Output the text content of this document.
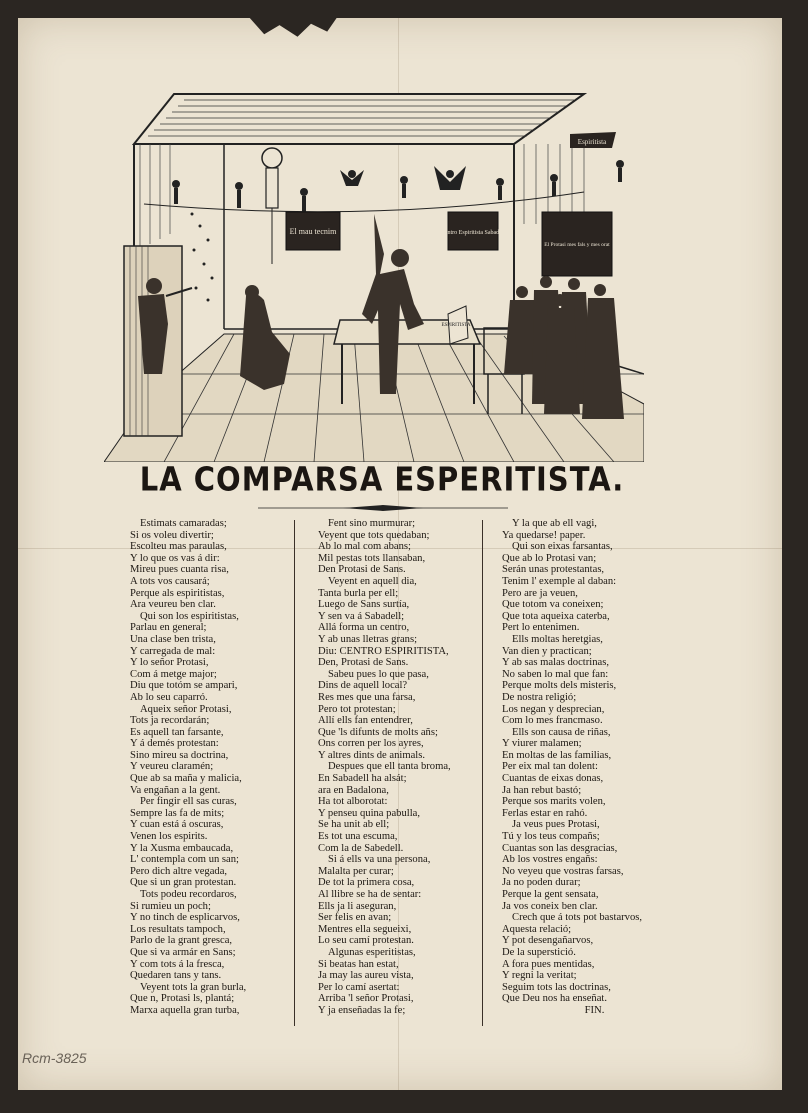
El mau tecnim	Centro Espiritista Sabadell
El Protasi mes fals y mes orat
Espiritista
ESPIRITISTA
LA COMPARSA ESPERITISTA.
Estimats camaradas;
Si os voleu divertir;
Escolteu mas paraulas,
Y lo que os vas á dir:
Mireu pues cuanta risa,
A tots vos causará;
Perque als espiritistas,
Ara veureu ben clar.
Qui son los espiritistas,
Parlau en general;
Una clase ben trista,
Y carregada de mal:
Y lo señor Protasi,
Com á metge major;
Diu que totóm se ampari,
Ab lo seu caparró.
Aqueix señor Protasi,
Tots ja recordarán;
Es aquell tan farsante,
Y á demés protestan:
Sino mireu sa doctrina,
Y veureu claramén;
Que ab sa maña y malicia,
Va engañan a la gent.
Per fingir ell sas curas,
Sempre las fa de mits;
Y cuan está á oscuras,
Venen los espirits.
Y la Xusma embaucada,
L' contempla com un san;
Pero dich altre vegada,
Que si un gran protestan.
Tots podeu recordaros,
Si rumieu un poch;
Y no tinch de esplicarvos,
Los resultats tampoch,
Parlo de la grant gresca,
Que si va armár en Sans;
Y com tots á la fresca,
Quedaren tans y tans.
Veyent tots la gran burla,
Que n, Protasi ls, plantá;
Marxa aquella gran turba,
Fent sino murmurar;
Veyent que tots quedaban;
Ab lo mal com abans;
Mil pestas tots llansaban,
Den Protasi de Sans.
Veyent en aquell dia,
Tanta burla per ell;
Luego de Sans surtía,
Y sen va á Sabadell;
Allá forma un centro,
Y ab unas lletras grans;
Diu: CENTRO ESPIRITISTA,
Den, Protasi de Sans.
Sabeu pues lo que pasa,
Dins de aquell local?
Res mes que una farsa,
Pero tot protestan;
Allí ells fan entendrer,
Que 'ls difunts de molts añs;
Ons corren per los ayres,
Y altres dints de animals.
Despues que ell tanta broma,
En Sabadell ha alsát;
ara en Badalona,
Ha tot alborotat:
Y penseu quina pabulla,
Se ha unit ab ell;
Es tot una escuma,
Com la de Sabedell.
Si á ells va una persona,
Malalta per curar;
De tot la primera cosa,
Al llibre se ha de sentar:
Ells ja li aseguran,
Ser felis en avan;
Mentres ella segueixi,
Lo seu camí protestan.
Algunas esperitistas,
Si beatas han estat,
Ja may las aureu vista,
Per lo camí asertat:
Arriba 'l señor Protasi,
Y ja enseñadas la fe;
Y la que ab ell vagi,
Ya quedarse! paper.
Qui son eixas farsantas,
Que ab lo Protasi van;
Serán unas protestantas,
Tenim l' exemple al daban:
Pero are ja veuen,
Que totom va coneixen;
Que tota aqueixa caterba,
Pert lo entenimen.
Ells moltas heretgias,
Van dien y practican;
Y ab sas malas doctrinas,
No saben lo mal que fan:
Perque molts dels misteris,
De nostra religió;
Los negan y desprecian,
Com lo mes francmaso.
Ells son causa de riñas,
Y viurer malamen;
En moltas de las familias,
Per eix mal tan dolent:
Cuantas de eixas donas,
Ja han rebut bastó;
Perque sos marits volen,
Ferlas estar en rahó.
Ja veus pues Protasi,
Tú y los teus compañs;
Cuantas son las desgracias,
Ab los vostres engañs:
No veyeu que vostras farsas,
Ja no poden durar;
Perque la gent sensata,
Ja vos coneix ben clar.
Crech que á tots pot bastarvos,
Aquesta relació;
Y pot desengañarvos,
De la superstició.
A fora pues mentidas,
Y regni la veritat;
Seguim tots las doctrinas,
Que Deu nos ha enseñat.
FIN.
Rcm-3825
